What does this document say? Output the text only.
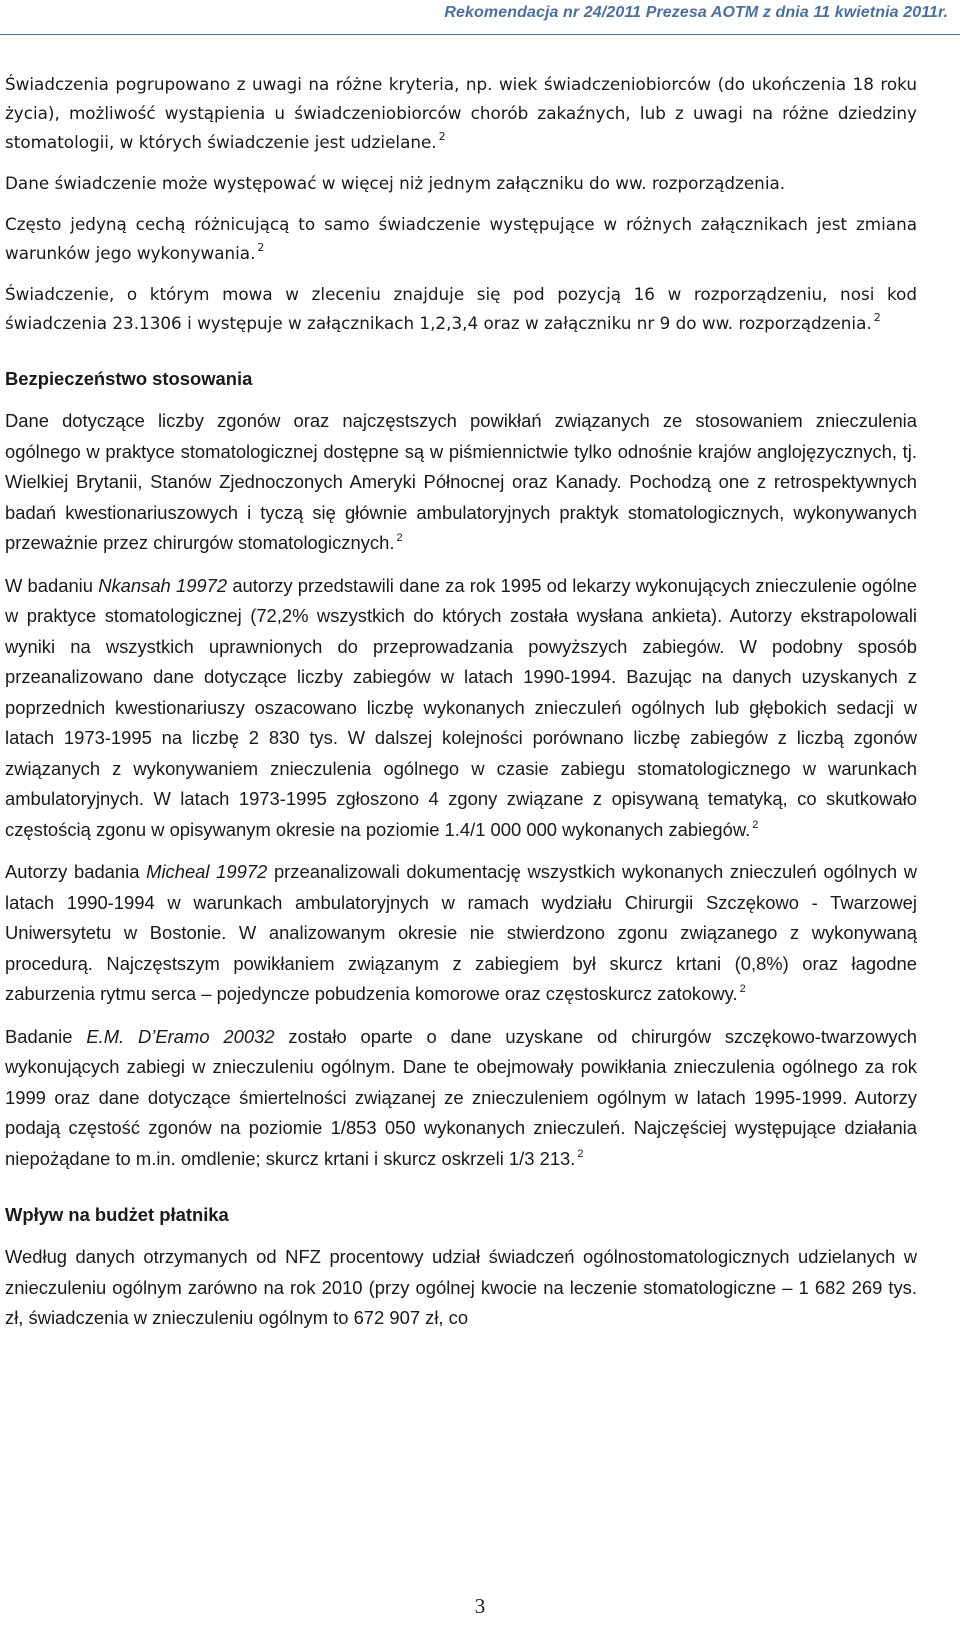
Rekomendacja nr 24/2011 Prezesa AOTM z dnia 11 kwietnia 2011r.

Świadczenia pogrupowano z uwagi na różne kryteria, np. wiek świadczeniobiorców (do ukończenia 18 roku życia), możliwość wystąpienia u świadczeniobiorców chorób zakaźnych, lub z uwagi na różne dziedziny stomatologii, w których świadczenie jest udzielane. $^2$

Dane świadczenie może występować w więcej niż jednym załączniku do ww. rozporządzenia.

Często jedyną cechą różnicującą to samo świadczenie występujące w różnych załącznikach jest zmiana warunków jego wykonywania. $^2$

Świadczenie, o którym mowa w zleceniu znajduje się pod pozycją 16 w rozporządzeniu, nosi kod świadczenia 23.1306 i występuje w załącznikach 1,2,3,4 oraz w załączniku nr 9 do ww. rozporządzenia. $^2$

Bezpieczeństwo stosowania

Dane dotyczące liczby zgonów oraz najczęstszych powikłań związanych ze stosowaniem znieczulenia ogólnego w praktyce stomatologicznej dostępne są w piśmiennictwie tylko odnośnie krajów anglojęzycznych, tj. Wielkiej Brytanii, Stanów Zjednoczonych Ameryki Północnej oraz Kanady. Pochodzą one z retrospektywnych badań kwestionariuszowych i tyczą się głównie ambulatoryjnych praktyk stomatologicznych, wykonywanych przeważnie przez chirurgów stomatologicznych. $^2$

W badaniu Nkansah 19972 autorzy przedstawili dane za rok 1995 od lekarzy wykonujących znieczulenie ogólne w praktyce stomatologicznej (72,2% wszystkich do których została wysłana ankieta). Autorzy ekstrapolowali wyniki na wszystkich uprawnionych do przeprowadzania powyższych zabiegów. W podobny sposób przeanalizowano dane dotyczące liczby zabiegów w latach 1990-1994. Bazując na danych uzyskanych z poprzednich kwestionariuszy oszacowano liczbę wykonanych znieczuleń ogólnych lub głębokich sedacji w latach 1973-1995 na liczbę 2 830 tys. W dalszej kolejności porównano liczbę zabiegów z liczbą zgonów związanych z wykonywaniem znieczulenia ogólnego w czasie zabiegu stomatologicznego w warunkach ambulatoryjnych. W latach 1973-1995 zgłoszono 4 zgony związane z opisywaną tematyką, co skutkowało częstością zgonu w opisywanym okresie na poziomie 1.4/1 000 000 wykonanych zabiegów. $^2$

Autorzy badania Micheal 19972 przeanalizowali dokumentację wszystkich wykonanych znieczuleń ogólnych w latach 1990-1994 w warunkach ambulatoryjnych w ramach wydziału Chirurgii Szczękowo - Twarzowej Uniwersytetu w Bostonie. W analizowanym okresie nie stwierdzono zgonu związanego z wykonywaną procedurą. Najczęstszym powikłaniem związanym z zabiegiem był skurcz krtani (0,8%) oraz łagodne zaburzenia rytmu serca – pojedyncze pobudzenia komorowe oraz częstoskurcz zatokowy. $^2$

Badanie E.M. D’Eramo 20032 zostało oparte o dane uzyskane od chirurgów szczękowo-twarzowych wykonujących zabiegi w znieczuleniu ogólnym. Dane te obejmowały powikłania znieczulenia ogólnego za rok 1999 oraz dane dotyczące śmiertelności związanej ze znieczuleniem ogólnym w latach 1995-1999. Autorzy podają częstość zgonów na poziomie 1/853 050 wykonanych znieczuleń. Najczęściej występujące działania niepożądane to m.in. omdlenie; skurcz krtani i skurcz oskrzeli 1/3 213. $^2$

Wpływ na budżet płatnika

Według danych otrzymanych od NFZ procentowy udział świadczeń ogólnostomatologicznych udzielanych w znieczuleniu ogólnym zarówno na rok 2010 (przy ogólnej kwocie na leczenie stomatologiczne – 1 682 269 tys. zł, świadczenia w znieczuleniu ogólnym to 672 907 zł, co

3
